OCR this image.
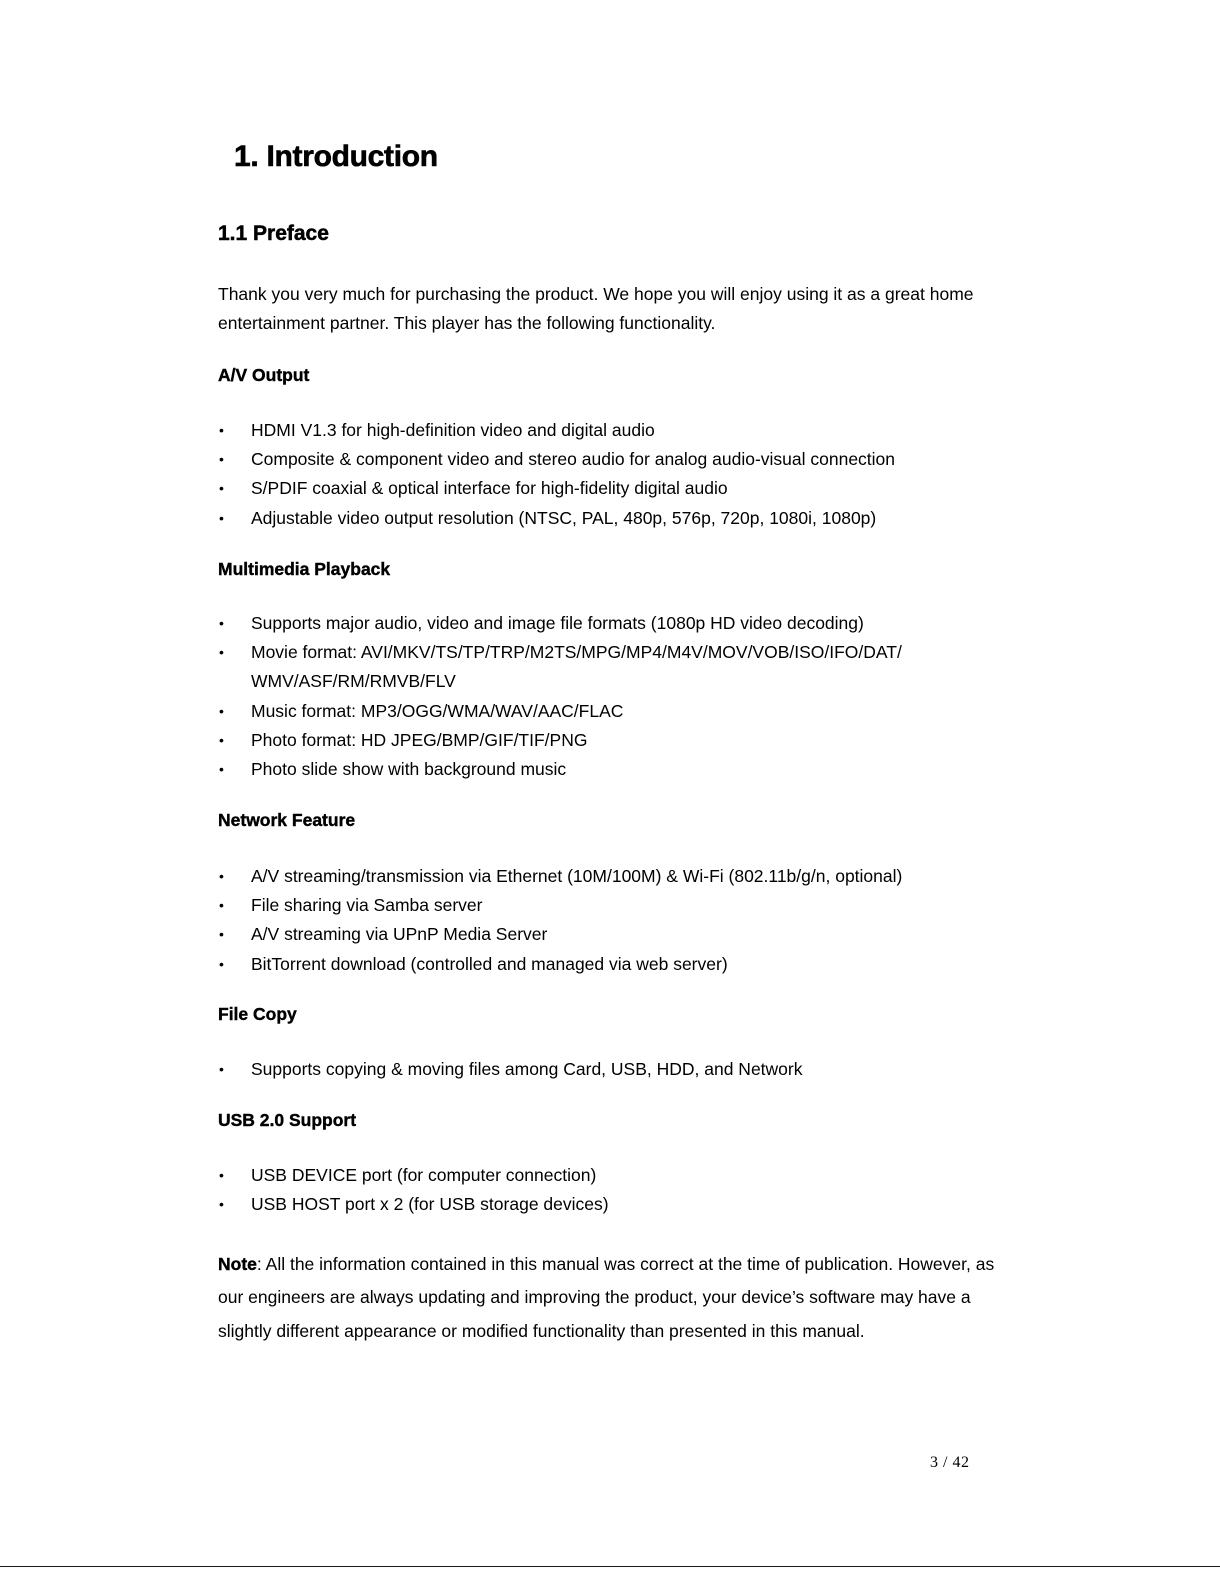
1. Introduction
1.1 Preface

Thank you very much for purchasing the product. We hope you will enjoy using it as a great home entertainment partner. This player has the following functionality.

A/V Output
• HDMI V1.3 for high-definition video and digital audio
• Composite & component video and stereo audio for analog audio-visual connection
• S/PDIF coaxial & optical interface for high-fidelity digital audio
• Adjustable video output resolution (NTSC, PAL, 480p, 576p, 720p, 1080i, 1080p)
Multimedia Playback
• Supports major audio, video and image file formats (1080p HD video decoding)
• Movie format: AVI/MKV/TS/TP/TRP/M2TS/MPG/MP4/M4V/MOV/VOB/ISO/IFO/DAT/ WMV/ASF/RM/RMVB/FLV
• Music format: MP3/OGG/WMA/WAV/AAC/FLAC
• Photo format: HD JPEG/BMP/GIF/TIF/PNG
• Photo slide show with background music
Network Feature
• A/V streaming/transmission via Ethernet (10M/100M) & Wi-Fi (802.11b/g/n, optional)
• File sharing via Samba server
• A/V streaming via UPnP Media Server
• BitTorrent download (controlled and managed via web server)
File Copy
• Supports copying & moving files among Card, USB, HDD, and Network
USB 2.0 Support
• USB DEVICE port (for computer connection)
• USB HOST port x 2 (for USB storage devices)

Note: All the information contained in this manual was correct at the time of publication. However, as our engineers are always updating and improving the product, your device’s software may have a slightly different appearance or modified functionality than presented in this manual.

3 / 42
